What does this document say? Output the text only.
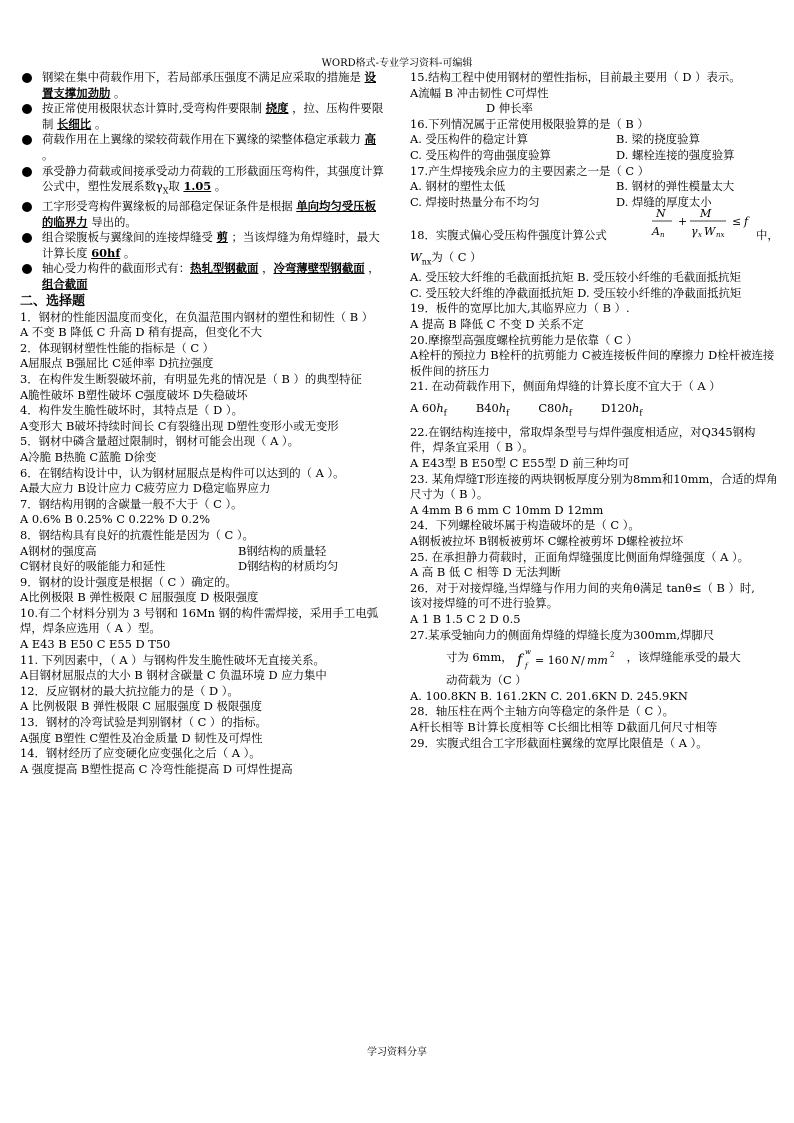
WORD格式-专业学习资料-可编辑
钢梁在集中荷载作用下，若局部承压强度不满足应采取的措施是 设置支撑加劲肋 。
按正常使用极限状态计算时,受弯构件要限制 挠度 ，拉、压构件要限制 长细比 。
荷载作用在上翼缘的梁较荷载作用在下翼缘的梁整体稳定承载力 高 。
承受静力荷载或间接承受动力荷载的工形截面压弯构件，其强度计算公式中，塑性发展系数$\gamma_X$取 1.05 。
工字形受弯构件翼缘板的局部稳定保证条件是根据 单向均匀受压板的临界力 导出的。
组合梁腹板与翼缘间的连接焊缝受 剪 ；当该焊缝为角焊缝时，最大计算长度 60hf 。
轴心受力构件的截面形式有：热轧型钢截面 ，冷弯薄壁型钢截面 ，组合截面
二、选择题
1．钢材的性能因温度而变化，在负温范围内钢材的塑性和韧性（ B ）
A 不变 B 降低 C 升高 D 稍有提高，但变化不大
2．体现钢材塑性性能的指标是（ C ）
A屈服点 B强屈比 C延伸率 D抗拉强度
3．在构件发生断裂破坏前，有明显先兆的情况是（ B ）的典型特征
A脆性破坏 B塑性破坏 C强度破坏 D失稳破坏
4．构件发生脆性破坏时，其特点是（ D ）。
A变形大 B破坏持续时间长 C有裂缝出现 D塑性变形小或无变形
5．钢材中磷含量超过限制时，钢材可能会出现（ A ）。
A冷脆 B热脆 C蓝脆 D徐变
6．在钢结构设计中，认为钢材屈服点是构件可以达到的（ A ）。
A最大应力 B设计应力 C疲劳应力 D稳定临界应力
7．钢结构用钢的含碳量一般不大于（ C ）。
A 0.6% B 0.25% C 0.22% D 0.2%
8．钢结构具有良好的抗震性能是因为（ C ）。
A钢材的强度高	B钢结构的质量轻
C钢材良好的吸能能力和延性	D钢结构的材质均匀
9．钢材的设计强度是根据（ C ）确定的。
A比例极限 B 弹性极限 C 屈服强度 D 极限强度
10.有二个材料分别为 3 号钢和 16Mn 钢的构件需焊接，采用手工电弧焊，焊条应选用（ A ）型。
A E43 B E50 C E55 D T50
11. 下列因素中，（ A ）与钢构件发生脆性破坏无直接关系。
A目钢材屈服点的大小 B 钢材含碳量 C 负温环境 D 应力集中
12．反应钢材的最大抗拉能力的是（ D ）。
A 比例极限 B 弹性极限 C 屈服强度 D 极限强度
13．钢材的冷弯试验是判别钢材（ C ）的指标。
A强度 B塑性 C塑性及冶金质量 D 韧性及可焊性
14．钢材经历了应变硬化应变强化之后（ A ）。
A 强度提高 B塑性提高 C 冷弯性能提高 D 可焊性提高
15.结构工程中使用钢材的塑性指标，目前最主要用（ D ）表示。
A流幅 B 冲击韧性 C可焊性
D 伸长率
16.下列情况属于正常使用极限验算的是（ B ）
A. 受压构件的稳定计算	B. 梁的挠度验算
C. 受压构件的弯曲强度验算	D. 螺栓连接的强度验算
17.产生焊接残余应力的主要因素之一是（ C ）
A. 钢材的塑性太低	B. 钢材的弹性模量太大
C. 焊接时热量分布不均匀	D. 焊缝的厚度太小
N
A n
+
M
γ x W nx
≤ f
18．实腹式偏心受压构件强度计算公式	中，
$W_{nx}$为（ C ）
A. 受压较大纤维的毛截面抵抗矩 B. 受压较小纤维的毛截面抵抗矩
C. 受压较大纤维的净截面抵抗矩 D. 受压较小纤维的净截面抵抗矩
19．板件的宽厚比加大,其临界应力（ B ）.
A 提高 B 降低 C 不变 D 关系不定
20.摩擦型高强度螺栓抗剪能力是依靠（ C ）
A栓杆的预拉力 B栓杆的抗剪能力 C被连接板件间的摩擦力 D栓杆被连接板件间的挤压力
21. 在动荷载作用下，侧面角焊缝的计算长度不宜大于（ A ）
A $60h_f$	$B40h_f$	$C80h_f$	$D120h_f$
22.在钢结构连接中，常取焊条型号与焊件强度相适应，对Q345钢构件，焊条宜采用（ B ）。
A E43型 B E50型 C E55型 D 前三种均可
23. 某角焊缝T形连接的两块钢板厚度分别为8mm和10mm，合适的焊角尺寸为（ B ）。
A 4mm B 6 mm C 10mm D 12mm
24．下列螺栓破坏属于构造破坏的是（ C ）。
A钢板被拉坏 B钢板被剪坏 C螺栓被剪坏 D螺栓被拉坏
25. 在承担静力荷载时，正面角焊缝强度比侧面角焊缝强度（ A ）。
A 高 B 低 C 相等 D 无法判断
26．对于对接焊缝,当焊缝与作用力间的夹角θ满足 tanθ≤（ B ）时,
该对接焊缝的可不进行验算。
A 1 B 1.5 C 2 D 0.5
27.某承受轴向力的侧面角焊缝的焊缝长度为300mm,焊脚尺
寸为 6mm， f w
f = 160 N / mm 2 ，该焊缝能承受的最大
动荷载为（C ）
A. 100.8KN B. 161.2KN C. 201.6KN D. 245.9KN
28．轴压柱在两个主轴方向等稳定的条件是（ C ）。
A杆长相等 B计算长度相等 C长细比相等 D截面几何尺寸相等
29．实腹式组合工字形截面柱翼缘的宽厚比限值是（ A ）。
学习资料分享
